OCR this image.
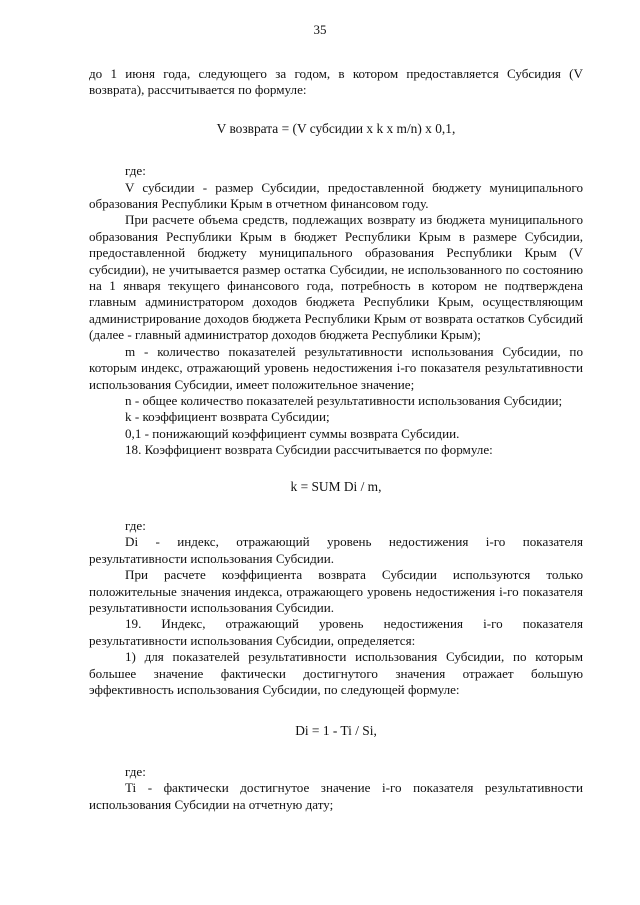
35

до 1 июня года, следующего за годом, в котором предоставляется Субсидия (V возврата), рассчитывается по формуле:

V возврата = (V субсидии x k x m/n) x 0,1,

где:

V субсидии - размер Субсидии, предоставленной бюджету муниципального образования Республики Крым в отчетном финансовом году.

При расчете объема средств, подлежащих возврату из бюджета муниципального образования Республики Крым в бюджет Республики Крым в размере Субсидии, предоставленной бюджету муниципального образования Республики Крым (V субсидии), не учитывается размер остатка Субсидии, не использованного по состоянию на 1 января текущего финансового года, потребность в котором не подтверждена главным администратором доходов бюджета Республики Крым, осуществляющим администрирование доходов бюджета Республики Крым от возврата остатков Субсидий (далее - главный администратор доходов бюджета Республики Крым);

m - количество показателей результативности использования Субсидии, по которым индекс, отражающий уровень недостижения i-го показателя результативности использования Субсидии, имеет положительное значение;

n - общее количество показателей результативности использования Субсидии;

k - коэффициент возврата Субсидии;

0,1 - понижающий коэффициент суммы возврата Субсидии.

18. Коэффициент возврата Субсидии рассчитывается по формуле:

k = SUM Di / m,

где:

Di - индекс, отражающий уровень недостижения i-го показателя результативности использования Субсидии.

При расчете коэффициента возврата Субсидии используются только положительные значения индекса, отражающего уровень недостижения i-го показателя результативности использования Субсидии.

19. Индекс, отражающий уровень недостижения i-го показателя результативности использования Субсидии, определяется:

1) для показателей результативности использования Субсидии, по которым большее значение фактически достигнутого значения отражает большую эффективность использования Субсидии, по следующей формуле:

Di = 1 - Ti / Si,

где:

Ti - фактически достигнутое значение i-го показателя результативности использования Субсидии на отчетную дату;
